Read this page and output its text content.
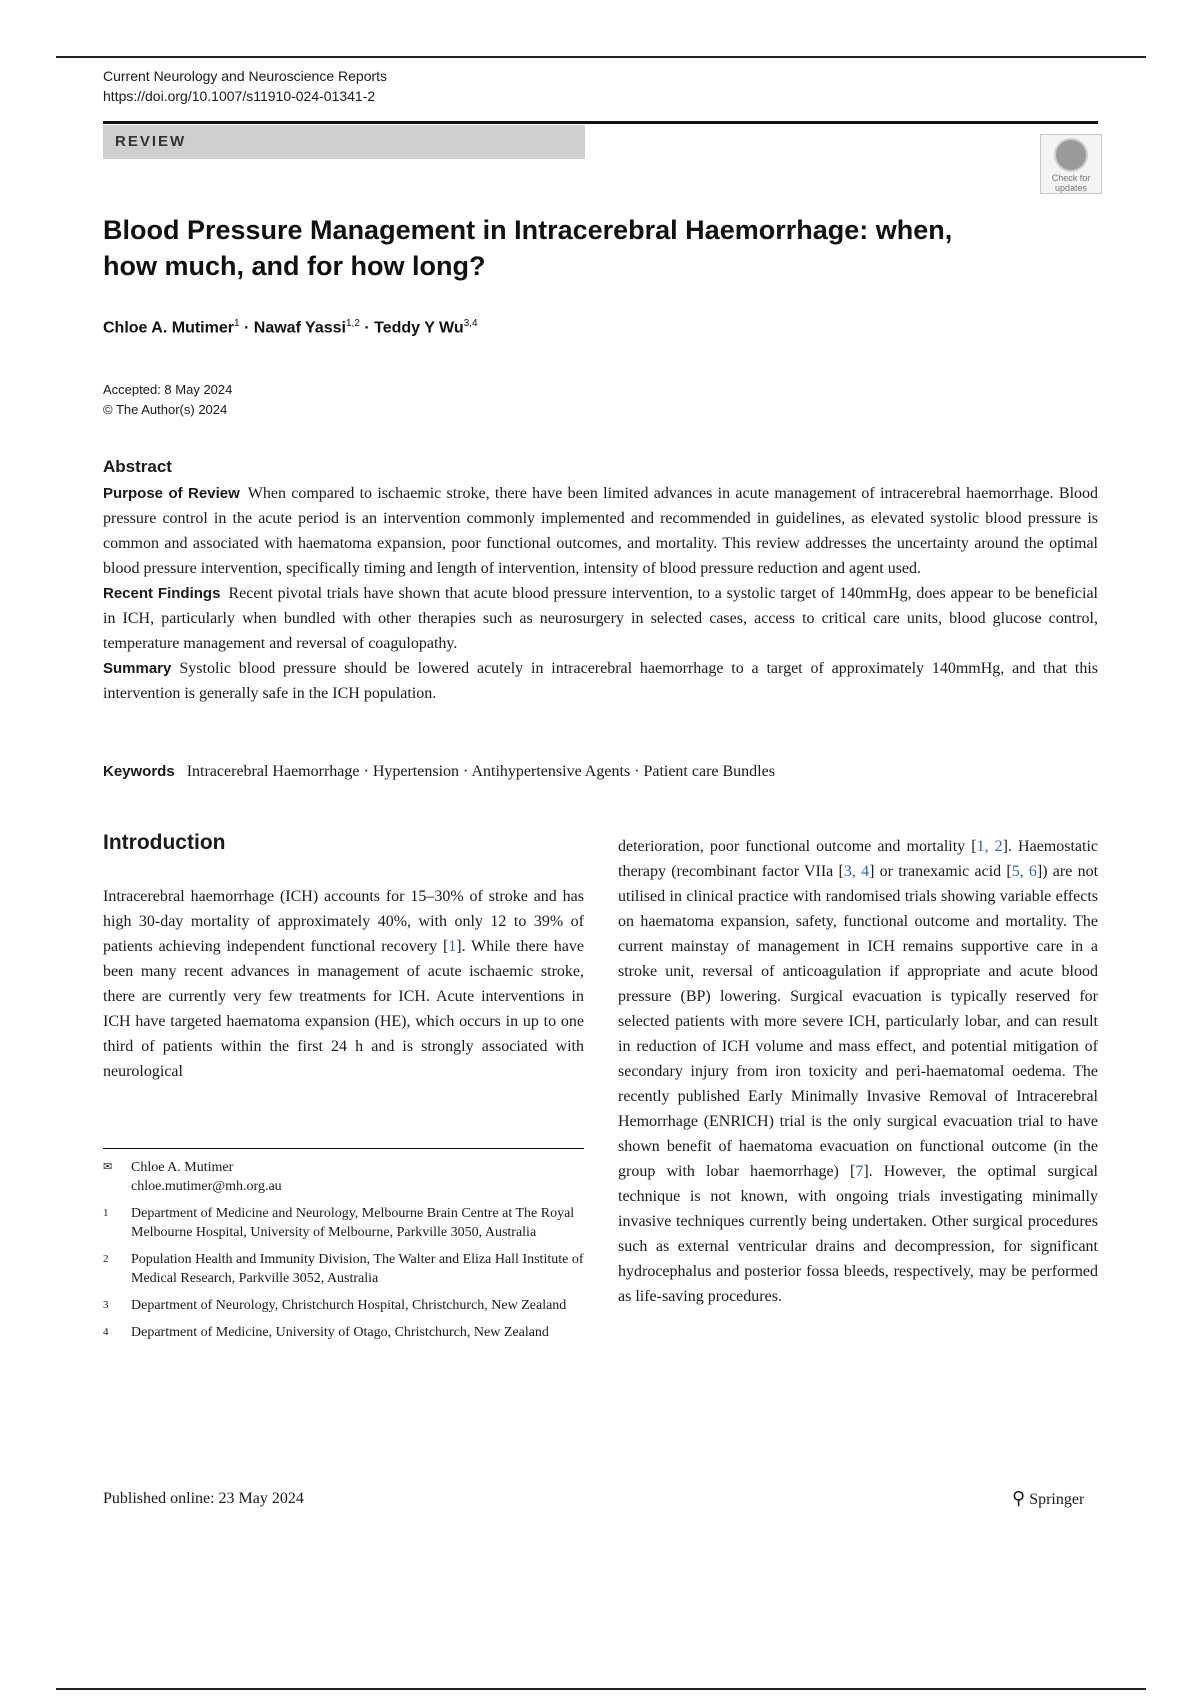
Current Neurology and Neuroscience Reports
https://doi.org/10.1007/s11910-024-01341-2
REVIEW
Check for
updates
Blood Pressure Management in Intracerebral Haemorrhage: when,
how much, and for how long?
Chloe A. Mutimer$^1$ · Nawaf Yassi$^{1,2}$ · Teddy Y Wu$^{3,4}$
Accepted: 8 May 2024
© The Author(s) 2024
Abstract

Purpose of Review When compared to ischaemic stroke, there have been limited advances in acute management of intracerebral haemorrhage. Blood pressure control in the acute period is an intervention commonly implemented and recommended in guidelines, as elevated systolic blood pressure is common and associated with haematoma expansion, poor functional outcomes, and mortality. This review addresses the uncertainty around the optimal blood pressure intervention, specifically timing and length of intervention, intensity of blood pressure reduction and agent used.

Recent Findings Recent pivotal trials have shown that acute blood pressure intervention, to a systolic target of 140mmHg, does appear to be beneficial in ICH, particularly when bundled with other therapies such as neurosurgery in selected cases, access to critical care units, blood glucose control, temperature management and reversal of coagulopathy.

Summary Systolic blood pressure should be lowered acutely in intracerebral haemorrhage to a target of approximately 140mmHg, and that this intervention is generally safe in the ICH population.

Keywords Intracerebral Haemorrhage · Hypertension · Antihypertensive Agents · Patient care Bundles
Introduction

Intracerebral haemorrhage (ICH) accounts for 15–30% of stroke and has high 30-day mortality of approximately 40%, with only 12 to 39% of patients achieving independent functional recovery [1]. While there have been many recent advances in management of acute ischaemic stroke, there are currently very few treatments for ICH. Acute interventions in ICH have targeted haematoma expansion (HE), which occurs in up to one third of patients within the first 24 h and is strongly associated with neurological

✉ Chloe A. Mutimer
chloe.mutimer@mh.org.au
1 Department of Medicine and Neurology, Melbourne Brain Centre at The Royal Melbourne Hospital, University of Melbourne, Parkville 3050, Australia
2 Population Health and Immunity Division, The Walter and Eliza Hall Institute of Medical Research, Parkville 3052, Australia
3 Department of Neurology, Christchurch Hospital, Christchurch, New Zealand
4 Department of Medicine, University of Otago, Christchurch, New Zealand

deterioration, poor functional outcome and mortality [1, 2]. Haemostatic therapy (recombinant factor VIIa [3, 4] or tranexamic acid [5, 6]) are not utilised in clinical practice with randomised trials showing variable effects on haematoma expansion, safety, functional outcome and mortality. The current mainstay of management in ICH remains supportive care in a stroke unit, reversal of anticoagulation if appropriate and acute blood pressure (BP) lowering. Surgical evacuation is typically reserved for selected patients with more severe ICH, particularly lobar, and can result in reduction of ICH volume and mass effect, and potential mitigation of secondary injury from iron toxicity and peri-haematomal oedema. The recently published Early Minimally Invasive Removal of Intracerebral Hemorrhage (ENRICH) trial is the only surgical evacuation trial to have shown benefit of haematoma evacuation on functional outcome (in the group with lobar haemorrhage) [7]. However, the optimal surgical technique is not known, with ongoing trials investigating minimally invasive techniques currently being undertaken. Other surgical procedures such as external ventricular drains and decompression, for significant hydrocephalus and posterior fossa bleeds, respectively, may be performed as life-saving procedures.

Published online: 23 May 2024	⚲ Springer
